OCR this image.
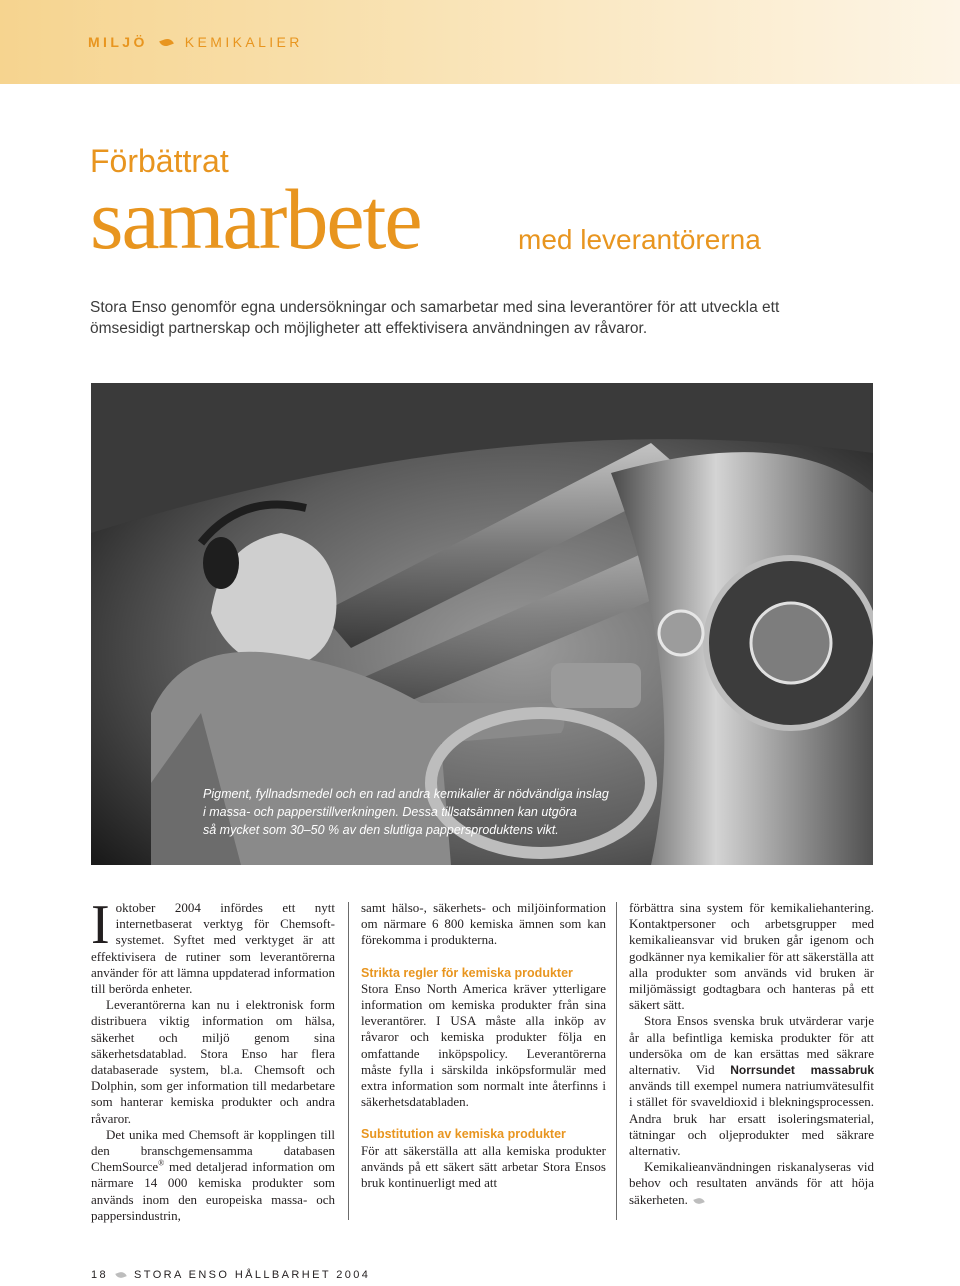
MILJÖ	KEMIKALIER
Förbättrat
samarbete	med leverantörerna
Stora Enso genomför egna undersökningar och samarbetar med sina leverantörer för att utveckla ett ömsesidigt partnerskap och möjligheter att effektivisera användningen av råvaror.
Pigment, fyllnadsmedel och en rad andra kemikalier är nödvändiga inslag
i massa- och papperstillverkningen. Dessa tillsatsämnen kan utgöra
så mycket som 30–50 % av den slutliga pappersproduktens vikt.

Ioktober 2004 infördes ett nytt internetbaserat verktyg för Chemsoft-systemet. Syftet med verktyget är att effektivisera de rutiner som leverantörerna använder för att lämna uppdaterad information till berörda enheter.

Leverantörerna kan nu i elektronisk form distribuera viktig information om hälsa, säkerhet och miljö genom sina säkerhetsdatablad. Stora Enso har flera databaserade system, bl.a. Chemsoft och Dolphin, som ger information till medarbetare som hanterar kemiska produkter och andra råvaror.

Det unika med Chemsoft är kopplingen till den branschgemensamma databasen ChemSource® med detaljerad information om närmare 14 000 kemiska produkter som används inom den europeiska massa- och pappersindustrin,

samt hälso-, säkerhets- och miljöinformation om närmare 6 800 kemiska ämnen som kan förekomma i produkterna.

Strikta regler för kemiska produkter

Stora Enso North America kräver ytterligare information om kemiska produkter från sina leverantörer. I USA måste alla inköp av råvaror och kemiska produkter följa en omfattande inköpspolicy. Leverantörerna måste fylla i särskilda inköpsformulär med extra information som normalt inte återfinns i säkerhetsdatabladen.

Substitution av kemiska produkter

För att säkerställa att alla kemiska produkter används på ett säkert sätt arbetar Stora Ensos bruk kontinuerligt med att

förbättra sina system för kemikaliehantering. Kontaktpersoner och arbetsgrupper med kemikalieansvar vid bruken går igenom och godkänner nya kemikalier för att säkerställa att alla produkter som används vid bruken är miljömässigt godtagbara och hanteras på ett säkert sätt.

Stora Ensos svenska bruk utvärderar varje år alla befintliga kemiska produkter för att undersöka om de kan ersättas med säkrare alternativ. Vid Norrsundet massabruk används till exempel numera natriumvätesulfit i stället för svaveldioxid i blekningsprocessen. Andra bruk har ersatt isoleringsmaterial, tätningar och oljeprodukter med säkrare alternativ.

Kemikalieanvändningen riskanalyseras vid behov och resultaten används för att höja säkerheten.

18 STORA ENSO HÅLLBARHET 2004
